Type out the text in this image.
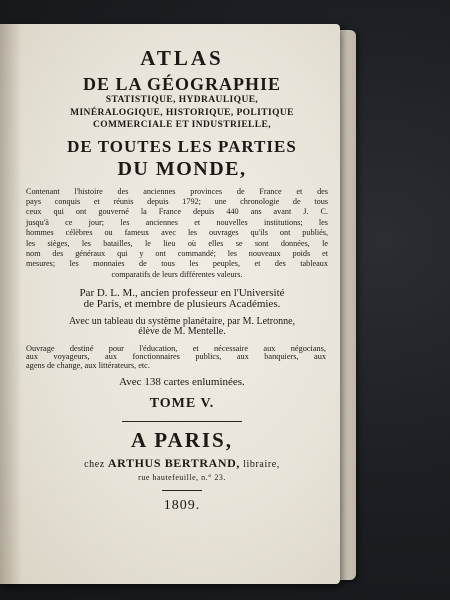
ATLAS
DE LA GÉOGRAPHIE
STATISTIQUE, HYDRAULIQUE,
MINÉRALOGIQUE, HISTORIQUE, POLITIQUE
COMMERCIALE ET INDUSTRIELLE,
DE TOUTES LES PARTIES
DU MONDE,
Contenant l'histoire des anciennes provinces de France et des
pays conquis et réunis depuis 1792; une chronologie de tous
ceux qui ont gouverné la France depuis 440 ans avant J. C.
jusqu'à ce jour; les anciennes et nouvelles institutions; les
hommes célèbres ou fameux avec les ouvrages qu'ils ont publiés,
les sièges, les batailles, le lieu où elles se sont données, le
nom des généraux qui y ont commandé; les nouveaux poids et
mesures; les monnaies de tous les peuples, et des tableaux
comparatifs de leurs différentes valeurs.
Par D. L. M., ancien professeur en l'Université
de Paris, et membre de plusieurs Académies.
Avec un tableau du système planétaire, par M. Letronne,
élève de M. Mentelle.
Ouvrage destiné pour l'éducation, et nécessaire aux négocians,
aux voyageurs, aux fonctionnaires publics, aux banquiers, aux
agens de change, aux littérateurs, etc.
Avec 138 cartes enluminées.
TOME V.
A PARIS,
chez ARTHUS BERTRAND, libraire,
rue hautefeuille, n.° 23.
1809.
